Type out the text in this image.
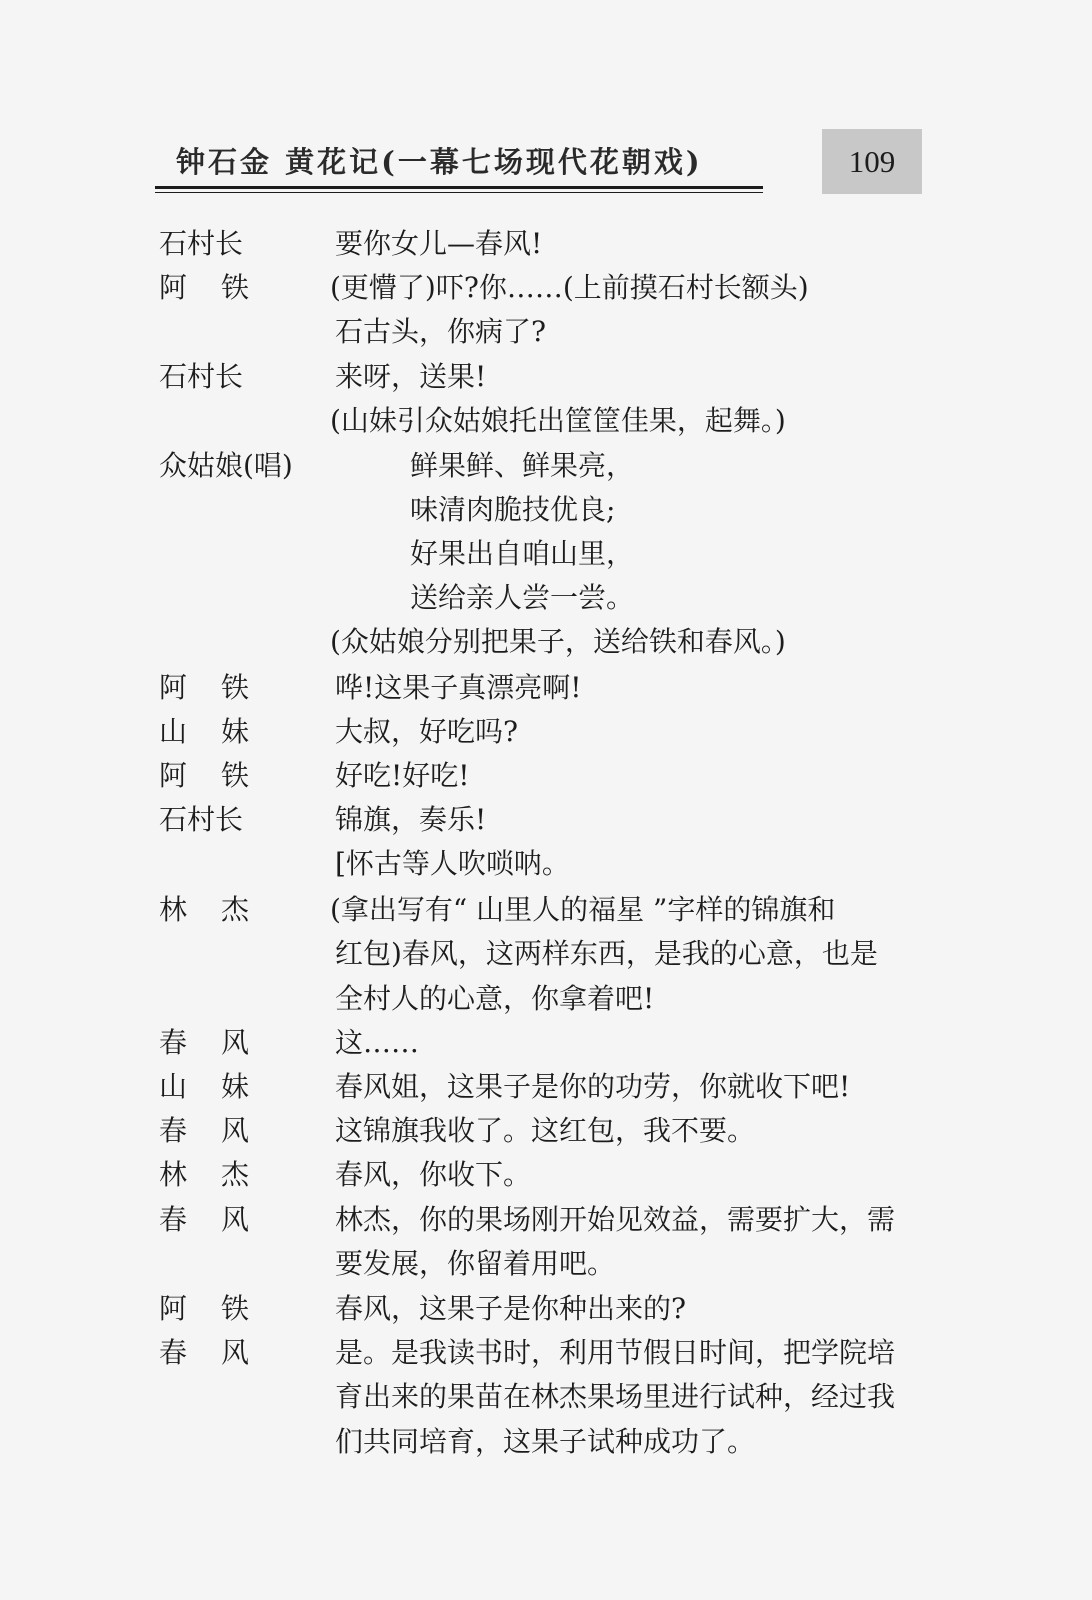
钟石金 黄花记(一幕七场现代花朝戏)	109
石村长	要你女儿—春风!
阿 铁	(更懵了)吓?你……(上前摸石村长额头)
石古头，你病了?
石村长	来呀，送果!
(山妹引众姑娘托出筐筐佳果，起舞。)
众姑娘(唱)	鲜果鲜、鲜果亮，
味清肉脆技优良;
好果出自咱山里，
送给亲人尝一尝。
(众姑娘分别把果子，送给铁和春风。)
阿 铁	哗!这果子真漂亮啊!
山 妹	大叔，好吃吗?
阿 铁	好吃!好吃!
石村长	锦旗，奏乐!
[怀古等人吹唢呐。
林 杰	(拿出写有“ 山里人的福星 ”字样的锦旗和
红包)春风，这两样东西，是我的心意，也是
全村人的心意，你拿着吧!
春 风	这……
山 妹	春风姐，这果子是你的功劳，你就收下吧!
春 风	这锦旗我收了。这红包，我不要。
林 杰	春风，你收下。
春 风	林杰，你的果场刚开始见效益，需要扩大，需
要发展，你留着用吧。
阿 铁	春风，这果子是你种出来的?
春 风	是。是我读书时，利用节假日时间，把学院培
育出来的果苗在林杰果场里进行试种，经过我
们共同培育，这果子试种成功了。
